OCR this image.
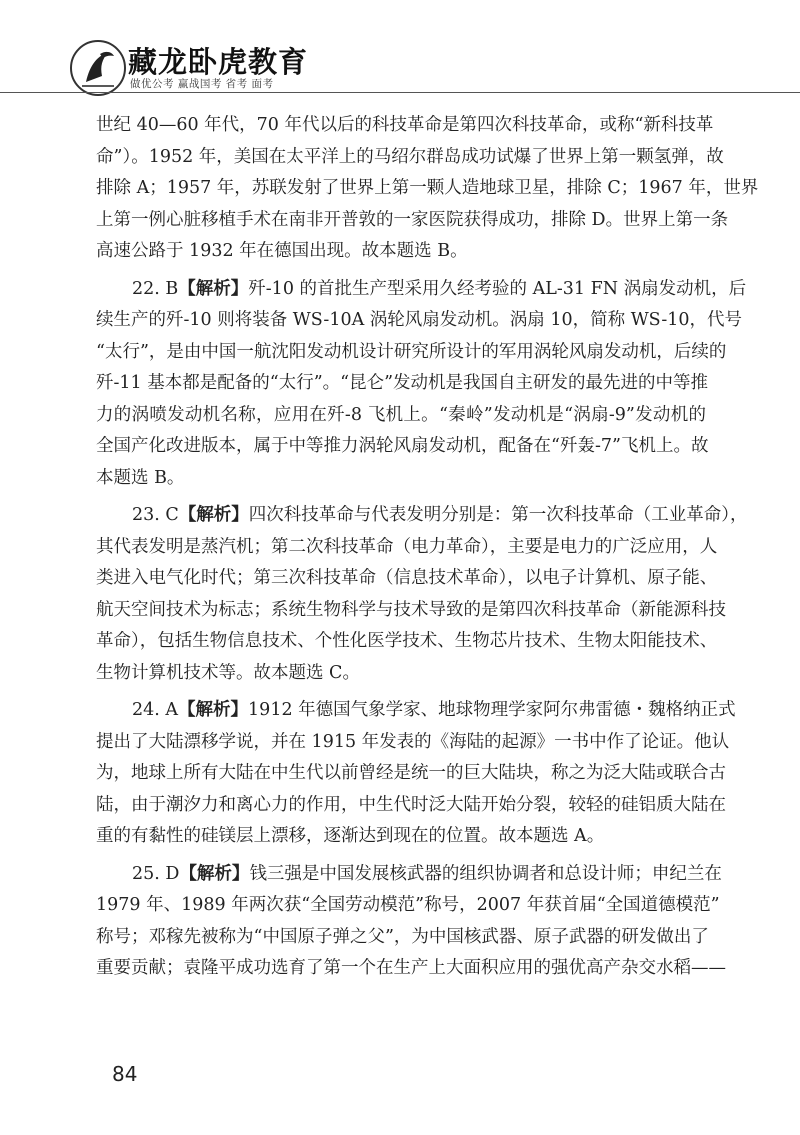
藏龙卧虎教育
做优公考 赢战国考 省考 面考
世纪 40—60 年代，70 年代以后的科技革命是第四次科技革命，或称“新科技革
命”）。1952 年，美国在太平洋上的马绍尔群岛成功试爆了世界上第一颗氢弹，故
排除 A；1957 年，苏联发射了世界上第一颗人造地球卫星，排除 C；1967 年，世界
上第一例心脏移植手术在南非开普敦的一家医院获得成功，排除 D。世界上第一条
高速公路于 1932 年在德国出现。故本题选 B。
22. B【解析】歼-10 的首批生产型采用久经考验的 AL-31 FN 涡扇发动机，后
续生产的歼-10 则将装备 WS-10A 涡轮风扇发动机。涡扇 10，简称 WS-10，代号
“太行”，是由中国一航沈阳发动机设计研究所设计的军用涡轮风扇发动机，后续的
歼-11 基本都是配备的“太行”。“昆仑”发动机是我国自主研发的最先进的中等推
力的涡喷发动机名称，应用在歼-8 飞机上。“秦岭”发动机是“涡扇-9”发动机的
全国产化改进版本，属于中等推力涡轮风扇发动机，配备在“歼轰-7”飞机上。故
本题选 B。
23. C【解析】四次科技革命与代表发明分别是：第一次科技革命（工业革命），
其代表发明是蒸汽机；第二次科技革命（电力革命），主要是电力的广泛应用，人
类进入电气化时代；第三次科技革命（信息技术革命），以电子计算机、原子能、
航天空间技术为标志；系统生物科学与技术导致的是第四次科技革命（新能源科技
革命），包括生物信息技术、个性化医学技术、生物芯片技术、生物太阳能技术、
生物计算机技术等。故本题选 C。
24. A【解析】1912 年德国气象学家、地球物理学家阿尔弗雷德・魏格纳正式
提出了大陆漂移学说，并在 1915 年发表的《海陆的起源》一书中作了论证。他认
为，地球上所有大陆在中生代以前曾经是统一的巨大陆块，称之为泛大陆或联合古
陆，由于潮汐力和离心力的作用，中生代时泛大陆开始分裂，较轻的硅铝质大陆在
重的有黏性的硅镁层上漂移，逐渐达到现在的位置。故本题选 A。
25. D【解析】钱三强是中国发展核武器的组织协调者和总设计师；申纪兰在
1979 年、1989 年两次获“全国劳动模范”称号，2007 年获首届“全国道德模范”
称号；邓稼先被称为“中国原子弹之父”，为中国核武器、原子武器的研发做出了
重要贡献；袁隆平成功选育了第一个在生产上大面积应用的强优高产杂交水稻——
84
